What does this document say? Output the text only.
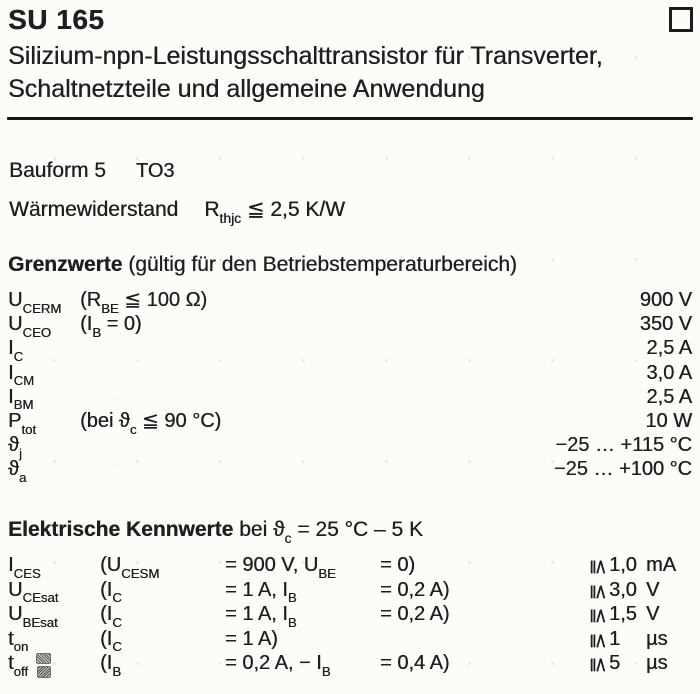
SU 165
Silizium-npn-Leistungsschalttransistor für Transverter,
Schaltnetzteile und allgemeine Anwendung
Bauform 5 TO3
Wärmewiderstand $R_{thjc}$ ≦ 2,5 K/W
Grenzwerte (gültig für den Betriebstemperaturbereich)
$U_{CERM}$ ($R_{BE}$ ≦ 100 Ω)	900 V
$U_{CEO}$	$(I_B = 0)$	350 V
$I_C$	2,5 A
$I_{CM}$	3,0 A
$I_{BM}$	2,5 A
$P_{tot}$	(bei $ϑ_c$ ≦ 90 °C)	10 W
$ϑ_j$	−25 … +115 °C
$ϑ_a$	−25 … +100 °C
Elektrische Kennwerte bei $ϑ_c = 25$ °C – 5 K
$I_{CES}$	($U_{CESM}$	= 900 V, $U_{BE}$	= 0)	≦ 1,0 mA
$U_{CEsat}$	($I_C$	= 1 A, $I_B$	= 0,2 A)	≦ 3,0 V
$U_{BEsat}$	($I_C$	= 1 A, $I_B$	= 0,2 A)	≦ 1,5 V
$t_{on}$	($I_C$	= 1 A)	≦ 1	µs
$t_{off}$	($I_B$	= 0,2 A, − $I_B$	= 0,4 A)	≦ 5	µs
